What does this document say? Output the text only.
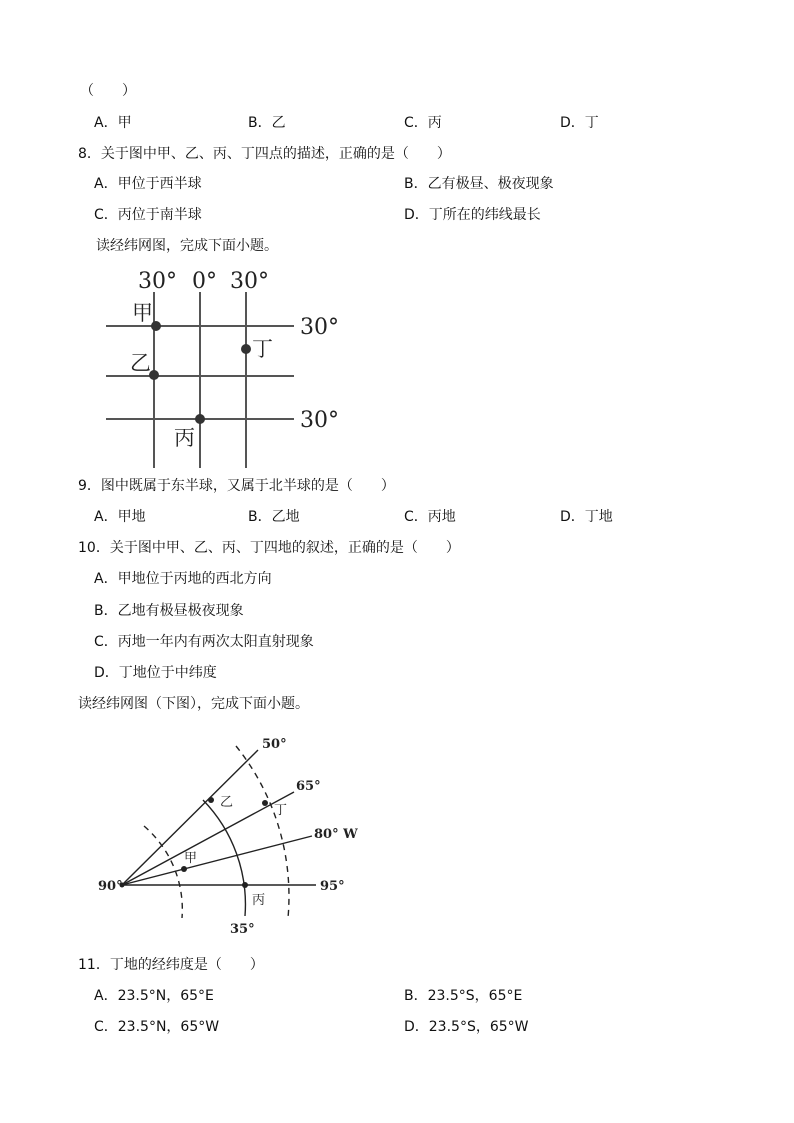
（　　）
A．甲	B．乙	C．丙	D．丁
8．关于图中甲、乙、丙、丁四点的描述，正确的是（　　）
A．甲位于西半球	B．乙有极昼、极夜现象
C．丙位于南半球	D．丁所在的纬线最长
读经纬网图，完成下面小题。
30° 0° 30°
30°
30°
甲
乙
丙
丁
9．图中既属于东半球，又属于北半球的是（　　）
A．甲地	B．乙地	C．丙地	D．丁地
10．关于图中甲、乙、丙、丁四地的叙述，正确的是（　　）
A．甲地位于丙地的西北方向
B．乙地有极昼极夜现象
C．丙地一年内有两次太阳直射现象
D．丁地位于中纬度
读经纬网图（下图），完成下面小题。
50°
65°
80° W
95°
90°
35°
甲
乙
丙
丁
11．丁地的经纬度是（　　）
A．23.5°N，65°E	B．23.5°S，65°E
C．23.5°N，65°W	D．23.5°S，65°W
